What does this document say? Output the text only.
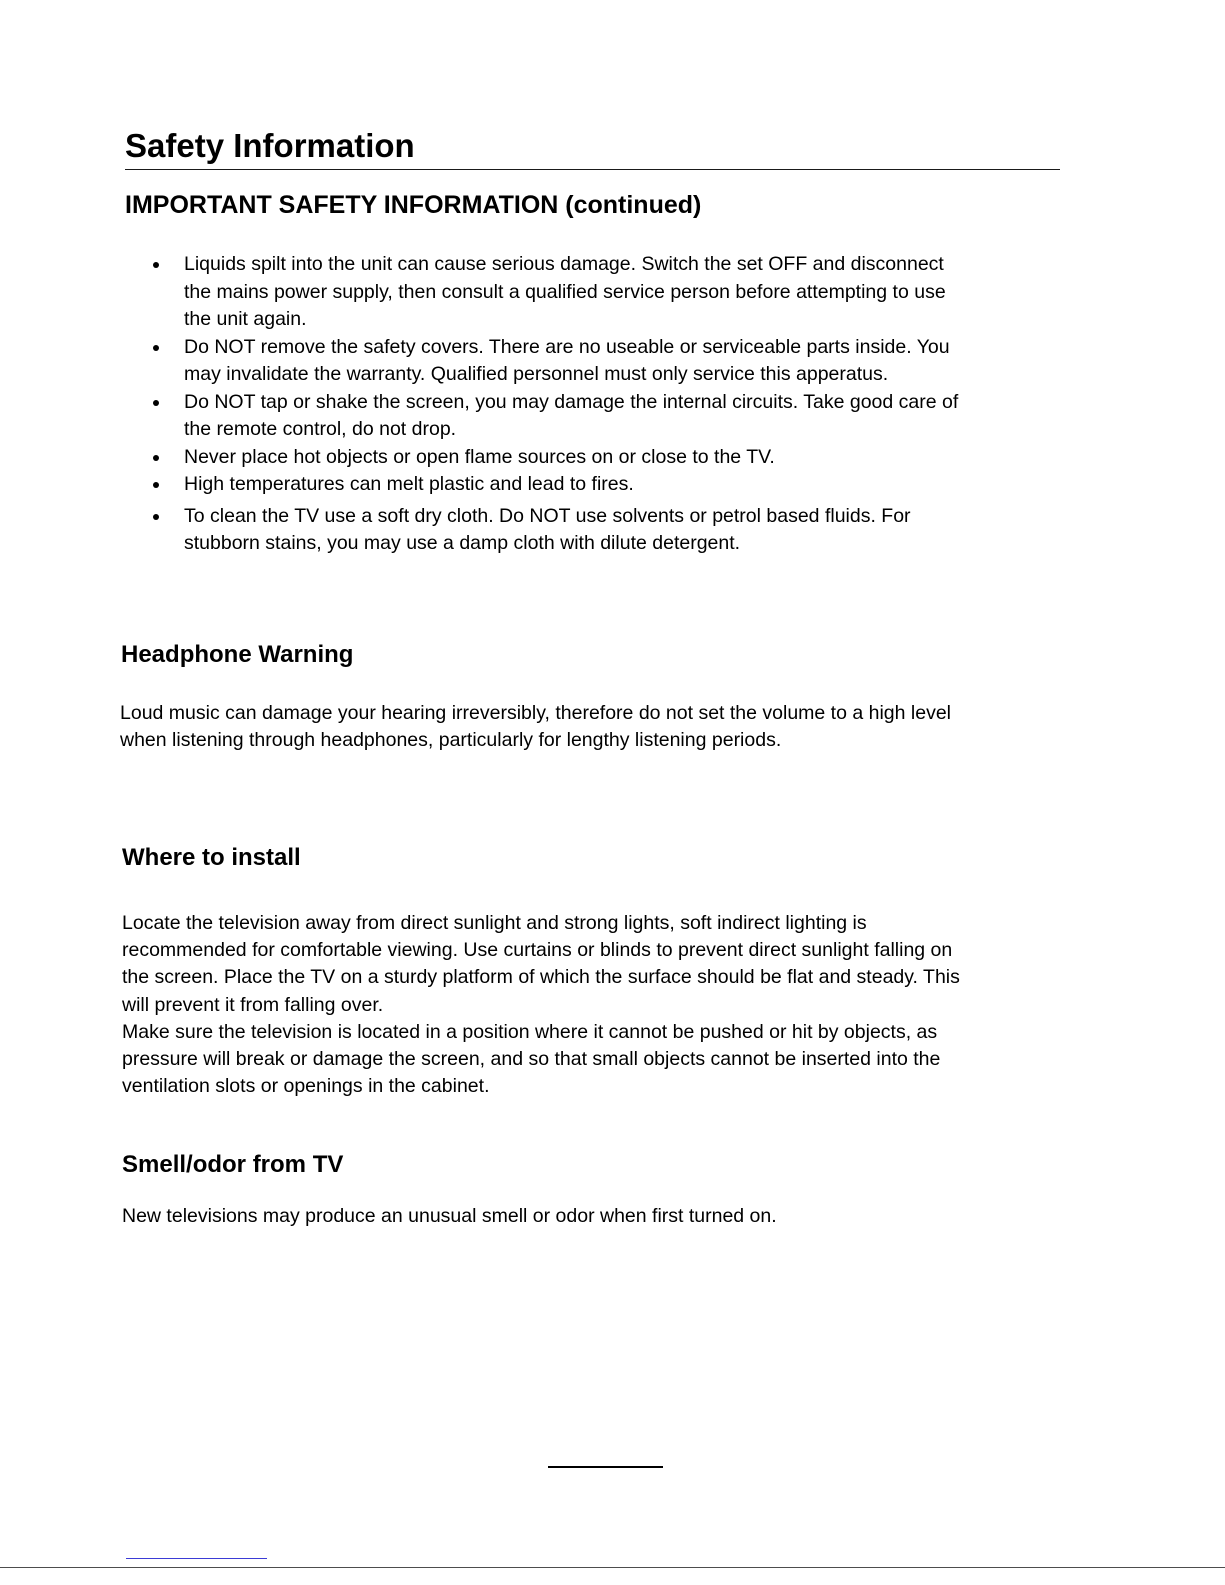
Safety Information
IMPORTANT SAFETY INFORMATION (continued)
Liquids spilt into the unit can cause serious damage. Switch the set OFF and disconnect the mains power supply, then consult a qualified service person before attempting to use the unit again.
Do NOT remove the safety covers. There are no useable or serviceable parts inside. You may invalidate the warranty. Qualified personnel must only service this apperatus.
Do NOT tap or shake the screen, you may damage the internal circuits. Take good care of the remote control, do not drop.
Never place hot objects or open flame sources on or close to the TV.
High temperatures can melt plastic and lead to fires.
To clean the TV use a soft dry cloth. Do NOT use solvents or petrol based fluids. For stubborn stains, you may use a damp cloth with dilute detergent.
Headphone Warning

Loud music can damage your hearing irreversibly, therefore do not set the volume to a high level when listening through headphones, particularly for lengthy listening periods.

Where to install
Locate the television away from direct sunlight and strong lights, soft indirect lighting is recommended for comfortable viewing. Use curtains or blinds to prevent direct sunlight falling on the screen. Place the TV on a sturdy platform of which the surface should be flat and steady. This will prevent it from falling over.
Make sure the television is located in a position where it cannot be pushed or hit by objects, as pressure will break or damage the screen, and so that small objects cannot be inserted into the ventilation slots or openings in the cabinet.
Smell/odor from TV

New televisions may produce an unusual smell or odor when first turned on.
